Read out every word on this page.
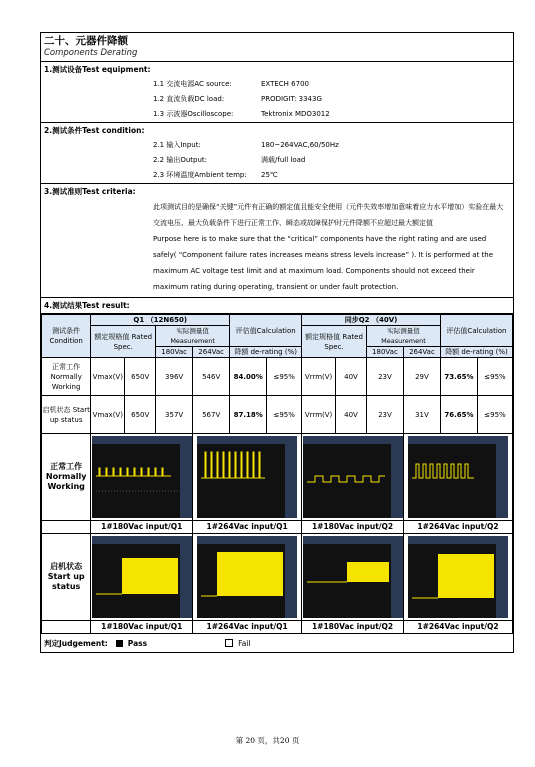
二十、元器件降额
Components Derating
1.测试设备Test equipment:
1.1 交流电源AC source:	EXTECH 6700
1.2 直流负载DC load:	PRODIGIT: 3343G
1.3 示波器Oscilloscope:	Tektronix MDO3012
2.测试条件Test condition:
2.1 输入Input:	180~264VAC,60/50Hz
2.2 输出Output:	满载/full load
2.3 环境温度Ambient temp:	25℃
3.测试准则Test criteria:

此项测试目的是确保“关键”元件有正确的额定值且能安全使用（元件失效率增加意味着应力水平增加）实验在最大交流电压、最大负载条件下进行正常工作、瞬态或故障保护时元件降额不应超过最大额定值

Purpose here is to make sure that the “critical” components have the right rating and are used safely( “Component failure rates increases means stress levels increase” ). It is performed at the maximum AC voltage test limit and at maximum load. Components should not exceed their maximum rating during operating, transient or under fault protection.

4.测试结果Test result:
测试条件 Condition	Q1 （12N650)				评估值Calculation		同步Q2 （40V)				评估值Calculation	
	额定规格值 Rated Spec.		实际测量值 Measurement				额定规格值 Rated Spec.		实际测量值 Measurement			
			180Vac	264Vac	降额 de-rating (%)				180Vac	264Vac	降额 de-rating (%)	
正常工作 Normally Working	Vmax(V)	650V	396V	546V	84.00%	≤95%	Vrrm(V)	40V	23V	29V	73.65%	≤95%
启机状态 Start up status	Vmax(V)	650V	357V	567V	87.18%	≤95%	Vrrm(V)	40V	23V	31V	76.65%	≤95%
正常工作 Normally Working	

	1#180Vac input/Q1			1#264Vac input/Q1			1#180Vac input/Q2			1#264Vac input/Q2		
启机状态 Start up status	

	1#180Vac input/Q1			1#264Vac input/Q1			1#180Vac input/Q2			1#264Vac input/Q2		
判定Judgement:	Pass	Fail
第 20 页，共20 页
